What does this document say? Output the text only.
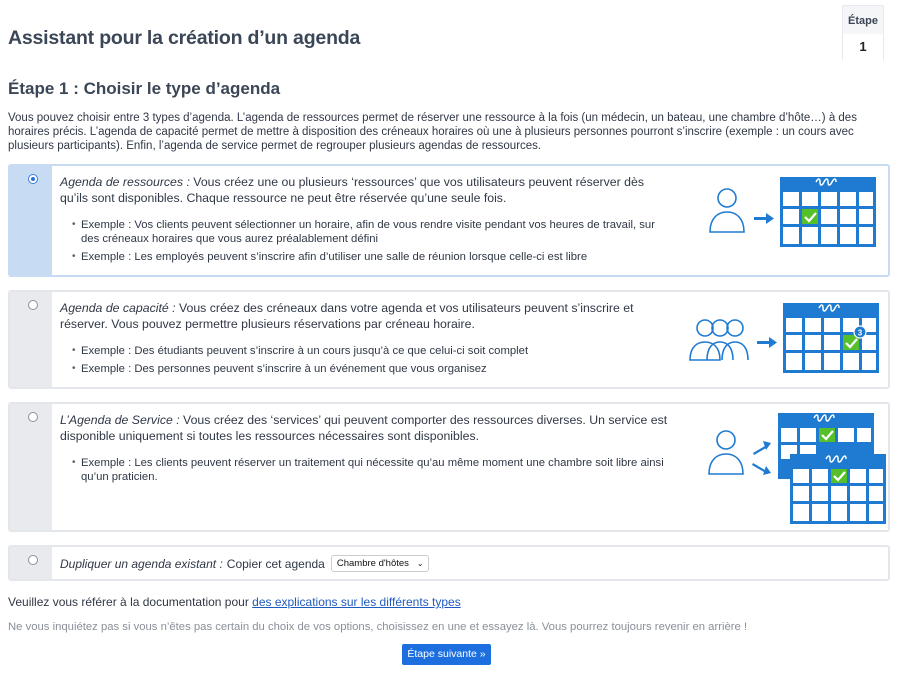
Étape
1
Assistant pour la création d’un agenda
Étape 1 : Choisir le type d’agenda

Vous pouvez choisir entre 3 types d’agenda. L’agenda de ressources permet de réserver une ressource à la fois (un médecin, un bateau, une chambre d’hôte…) à des horaires précis. L’agenda de capacité permet de mettre à disposition des créneaux horaires où une à plusieurs personnes pourront s’inscrire (exemple : un cours avec plusieurs participants). Enfin, l’agenda de service permet de regrouper plusieurs agendas de ressources.

Agenda de ressources : Vous créez une ou plusieurs ‘ressources’ que vos utilisateurs peuvent réserver dès qu’ils sont disponibles. Chaque ressource ne peut être réservée qu’une seule fois.
• Exemple : Vos clients peuvent sélectionner un horaire, afin de vous rendre visite pendant vos heures de travail, sur des créneaux horaires que vous aurez préalablement défini
• Exemple : Les employés peuvent s’inscrire afin d’utiliser une salle de réunion lorsque celle-ci est libre
Agenda de capacité : Vous créez des créneaux dans votre agenda et vos utilisateurs peuvent s’inscrire et réserver. Vous pouvez permettre plusieurs réservations par créneau horaire.
• Exemple : Des étudiants peuvent s’inscrire à un cours jusqu’à ce que celui-ci soit complet
• Exemple : Des personnes peuvent s’inscrire à un événement que vous organisez
3
L’Agenda de Service : Vous créez des ‘services’ qui peuvent comporter des ressources diverses. Un service est disponible uniquement si toutes les ressources nécessaires sont disponibles.
• Exemple : Les clients peuvent réserver un traitement qui nécessite qu’au même moment une chambre soit libre ainsi qu’un praticien.
Dupliquer un agenda existant : Copier cet agenda Chambre d'hôtes ⌄

Veuillez vous référer à la documentation pour des explications sur les différents types

Ne vous inquiétez pas si vous n’êtes pas certain du choix de vos options, choisissez en une et essayez là. Vous pourrez toujours revenir en arrière !

Étape suivante »
